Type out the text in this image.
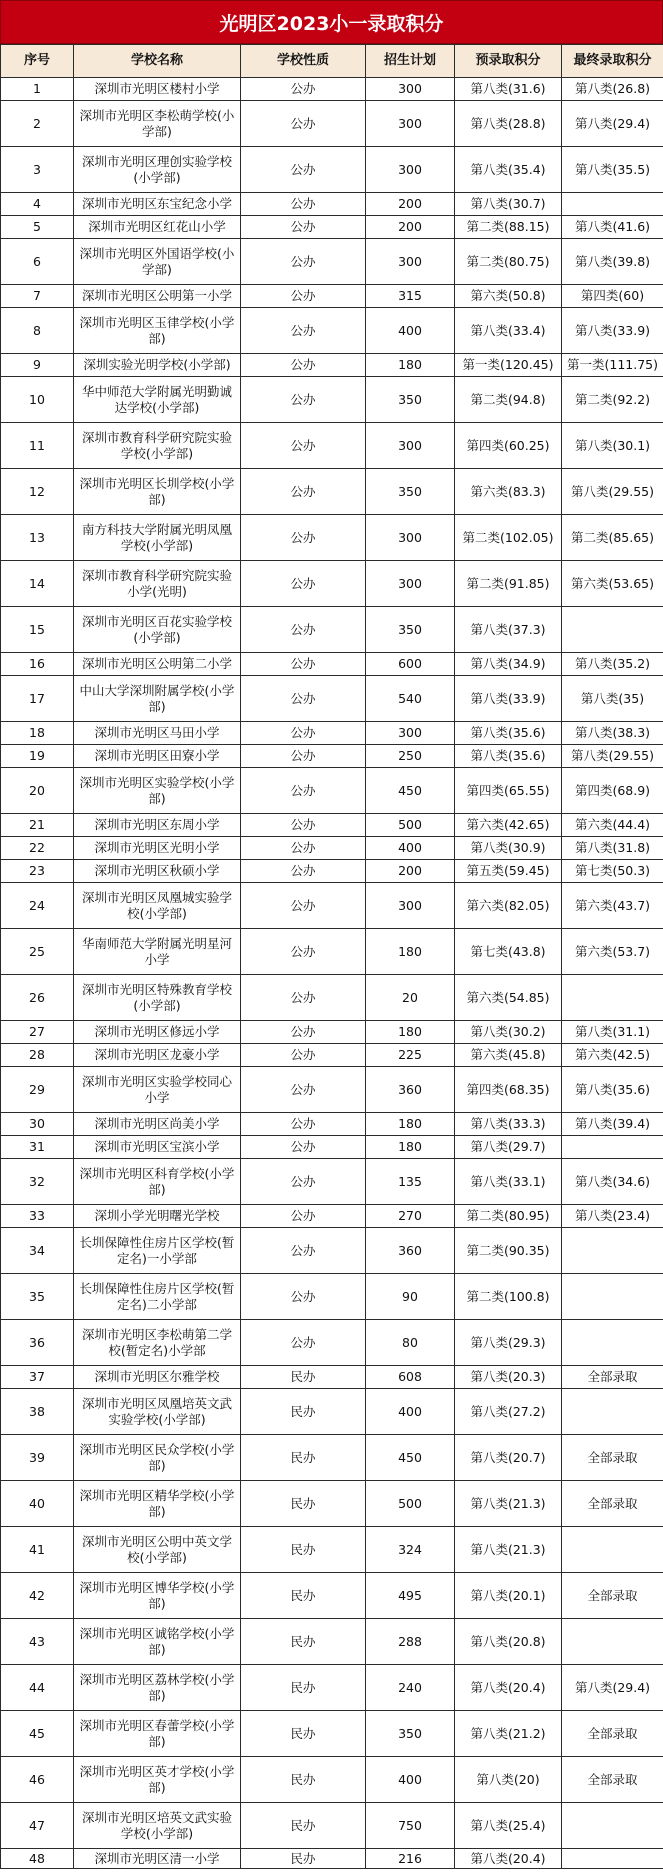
光明区2023小一录取积分
序号	学校名称	学校性质	招生计划	预录取积分	最终录取积分
1	深圳市光明区楼村小学	公办	300	第八类(31.6)	第八类(26.8)
2	深圳市光明区李松萌学校(小学部)	公办	300	第八类(28.8)	第八类(29.4)
3	深圳市光明区理创实验学校(小学部)	公办	300	第八类(35.4)	第八类(35.5)
4	深圳市光明区东宝纪念小学	公办	200	第八类(30.7)	
5	深圳市光明区红花山小学	公办	200	第二类(88.15)	第八类(41.6)
6	深圳市光明区外国语学校(小学部)	公办	300	第二类(80.75)	第八类(39.8)
7	深圳市光明区公明第一小学	公办	315	第六类(50.8)	第四类(60)
8	深圳市光明区玉律学校(小学部)	公办	400	第八类(33.4)	第八类(33.9)
9	深圳实验光明学校(小学部)	公办	180	第一类(120.45)	第一类(111.75)
10	华中师范大学附属光明勤诚达学校(小学部)	公办	350	第二类(94.8)	第二类(92.2)
11	深圳市教育科学研究院实验学校(小学部)	公办	300	第四类(60.25)	第八类(30.1)
12	深圳市光明区长圳学校(小学部)	公办	350	第六类(83.3)	第八类(29.55)
13	南方科技大学附属光明凤凰学校(小学部)	公办	300	第二类(102.05)	第二类(85.65)
14	深圳市教育科学研究院实验小学(光明)	公办	300	第二类(91.85)	第六类(53.65)
15	深圳市光明区百花实验学校(小学部)	公办	350	第八类(37.3)	
16	深圳市光明区公明第二小学	公办	600	第八类(34.9)	第八类(35.2)
17	中山大学深圳附属学校(小学部)	公办	540	第八类(33.9)	第八类(35)
18	深圳市光明区马田小学	公办	300	第八类(35.6)	第八类(38.3)
19	深圳市光明区田寮小学	公办	250	第八类(35.6)	第八类(29.55)
20	深圳市光明区实验学校(小学部)	公办	450	第四类(65.55)	第四类(68.9)
21	深圳市光明区东周小学	公办	500	第六类(42.65)	第六类(44.4)
22	深圳市光明区光明小学	公办	400	第八类(30.9)	第八类(31.8)
23	深圳市光明区秋硕小学	公办	200	第五类(59.45)	第七类(50.3)
24	深圳市光明区凤凰城实验学校(小学部)	公办	300	第六类(82.05)	第六类(43.7)
25	华南师范大学附属光明星河小学	公办	180	第七类(43.8)	第六类(53.7)
26	深圳市光明区特殊教育学校(小学部)	公办	20	第六类(54.85)	
27	深圳市光明区修远小学	公办	180	第八类(30.2)	第八类(31.1)
28	深圳市光明区龙豪小学	公办	225	第六类(45.8)	第六类(42.5)
29	深圳市光明区实验学校同心小学	公办	360	第四类(68.35)	第八类(35.6)
30	深圳市光明区尚美小学	公办	180	第八类(33.3)	第八类(39.4)
31	深圳市光明区宝滨小学	公办	180	第八类(29.7)	
32	深圳市光明区科育学校(小学部)	公办	135	第八类(33.1)	第八类(34.6)
33	深圳小学光明曙光学校	公办	270	第二类(80.95)	第八类(23.4)
34	长圳保障性住房片区学校(暂定名)一小学部	公办	360	第二类(90.35)	
35	长圳保障性住房片区学校(暂定名)二小学部	公办	90	第二类(100.8)	
36	深圳市光明区李松萌第二学校(暂定名)小学部	公办	80	第八类(29.3)	
37	深圳市光明区尔雅学校	民办	608	第八类(20.3)	全部录取
38	深圳市光明区凤凰培英文武实验学校(小学部)	民办	400	第八类(27.2)	
39	深圳市光明区民众学校(小学部)	民办	450	第八类(20.7)	全部录取
40	深圳市光明区精华学校(小学部)	民办	500	第八类(21.3)	全部录取
41	深圳市光明区公明中英文学校(小学部)	民办	324	第八类(21.3)	
42	深圳市光明区博华学校(小学部)	民办	495	第八类(20.1)	全部录取
43	深圳市光明区诚铭学校(小学部)	民办	288	第八类(20.8)	
44	深圳市光明区荔林学校(小学部)	民办	240	第八类(20.4)	第八类(29.4)
45	深圳市光明区春蕾学校(小学部)	民办	350	第八类(21.2)	全部录取
46	深圳市光明区英才学校(小学部)	民办	400	第八类(20)	全部录取
47	深圳市光明区培英文武实验学校(小学部)	民办	750	第八类(25.4)	
48	深圳市光明区清一小学	民办	216	第八类(20.4)	
